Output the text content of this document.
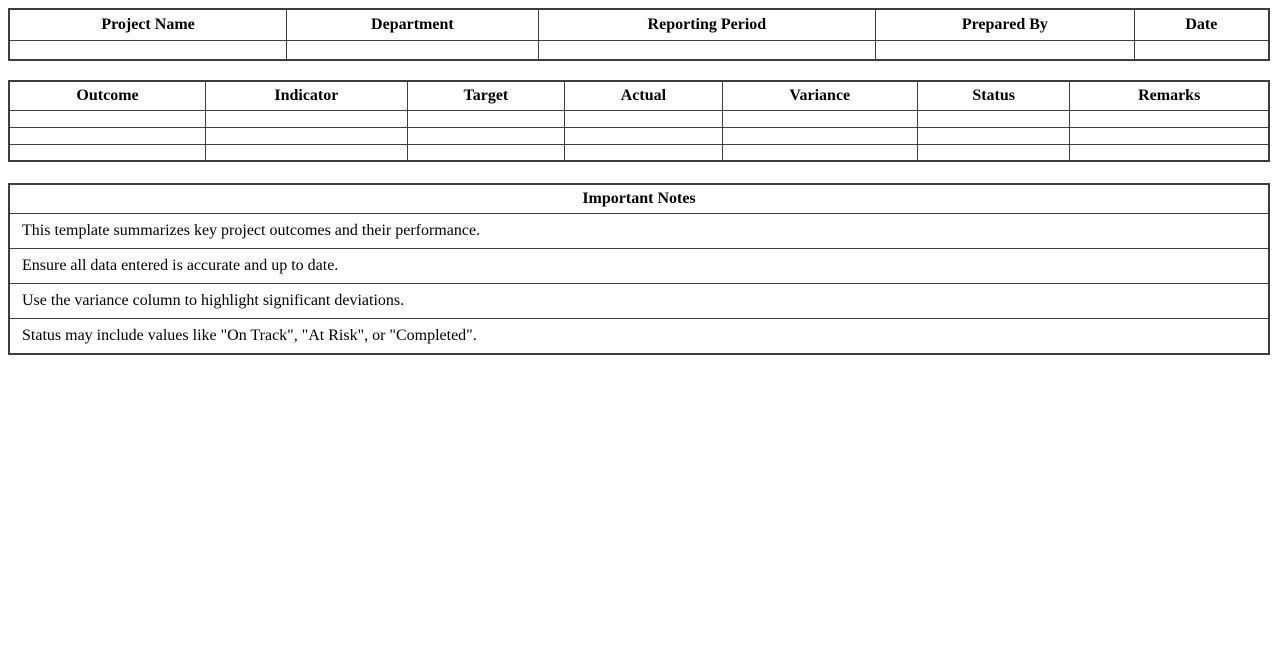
Project Name	Department	Reporting Period	Prepared By	Date

Outcome	Indicator	Target	Actual	Variance	Status	Remarks

Important Notes
This template summarizes key project outcomes and their performance.
Ensure all data entered is accurate and up to date.
Use the variance column to highlight significant deviations.
Status may include values like "On Track", "At Risk", or "Completed".
